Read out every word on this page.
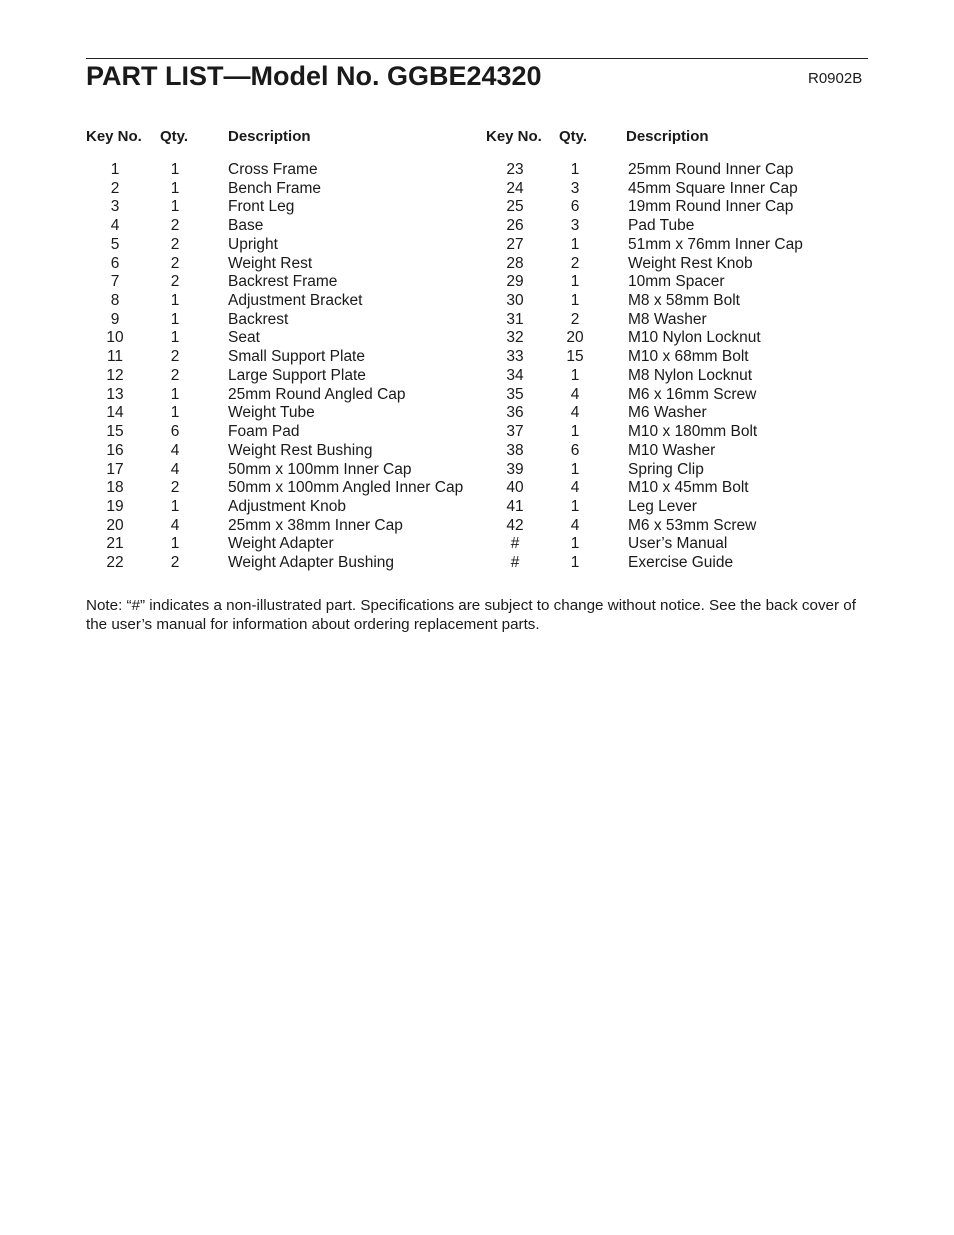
PART LIST—Model No. GGBE24320	R0902B
Key No. Qty.	Description
1	1	Cross Frame
2	1	Bench Frame
3	1	Front Leg
4	2	Base
5	2	Upright
6	2	Weight Rest
7	2	Backrest Frame
8	1	Adjustment Bracket
9	1	Backrest
10	1	Seat
11	2	Small Support Plate
12	2	Large Support Plate
13	1	25mm Round Angled Cap
14	1	Weight Tube
15	6	Foam Pad
16	4	Weight Rest Bushing
17	4	50mm x 100mm Inner Cap
18	2	50mm x 100mm Angled Inner Cap
19	1	Adjustment Knob
20	4	25mm x 38mm Inner Cap
21	1	Weight Adapter
22	2	Weight Adapter Bushing
Key No. Qty.	Description
23	1	25mm Round Inner Cap
24	3	45mm Square Inner Cap
25	6	19mm Round Inner Cap
26	3	Pad Tube
27	1	51mm x 76mm Inner Cap
28	2	Weight Rest Knob
29	1	10mm Spacer
30	1	M8 x 58mm Bolt
31	2	M8 Washer
32	20	M10 Nylon Locknut
33	15	M10 x 68mm Bolt
34	1	M8 Nylon Locknut
35	4	M6 x 16mm Screw
36	4	M6 Washer
37	1	M10 x 180mm Bolt
38	6	M10 Washer
39	1	Spring Clip
40	4	M10 x 45mm Bolt
41	1	Leg Lever
42	4	M6 x 53mm Screw
#	1	User’s Manual
#	1	Exercise Guide
Note: “#” indicates a non-illustrated part. Specifications are subject to change without notice. See the back cover of the user’s manual for information about ordering replacement parts.
